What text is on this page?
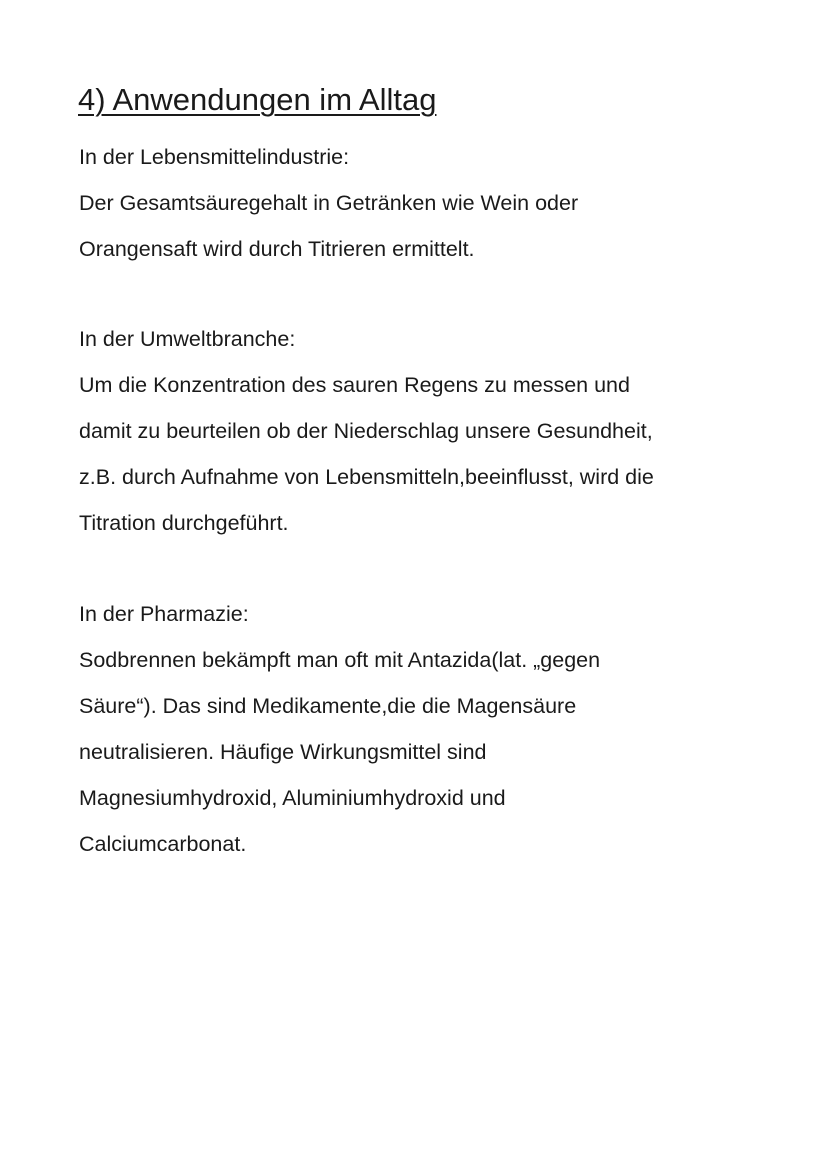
4) Anwendungen im Alltag
In der Lebensmittelindustrie:
Der Gesamtsäuregehalt in Getränken wie Wein oder
Orangensaft wird durch Titrieren ermittelt.
In der Umweltbranche:
Um die Konzentration des sauren Regens zu messen und
damit zu beurteilen ob der Niederschlag unsere Gesundheit,
z.B. durch Aufnahme von Lebensmitteln,beeinflusst, wird die
Titration durchgeführt.
In der Pharmazie:
Sodbrennen bekämpft man oft mit Antazida(lat. „gegen
Säure“). Das sind Medikamente,die die Magensäure
neutralisieren. Häufige Wirkungsmittel sind
Magnesiumhydroxid, Aluminiumhydroxid und
Calciumcarbonat.
